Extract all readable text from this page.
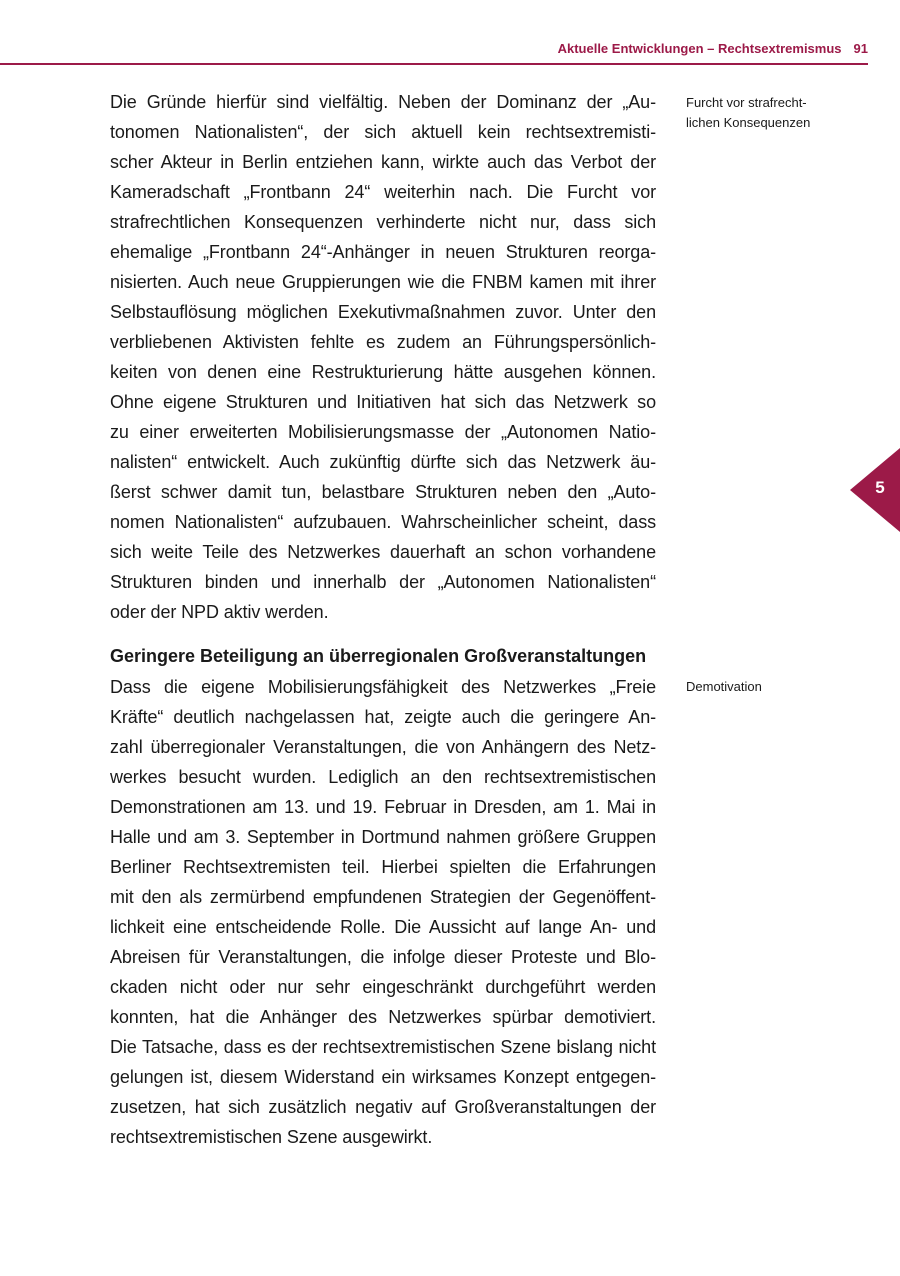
Aktuelle Entwicklungen – Rechtsextremismus 91
5
Furcht vor strafrecht-
lichen Konsequenzen
Demotivation
Die Gründe hierfür sind vielfältig. Neben der Dominanz der „Au-
tonomen Nationalisten“, der sich aktuell kein rechtsextremisti-
scher Akteur in Berlin entziehen kann, wirkte auch das Verbot der
Kameradschaft „Frontbann 24“ weiterhin nach. Die Furcht vor
strafrechtlichen Konsequenzen verhinderte nicht nur, dass sich
ehemalige „Frontbann 24“-Anhänger in neuen Strukturen reorga-
nisierten. Auch neue Gruppierungen wie die FNBM kamen mit ihrer
Selbstauflösung möglichen Exekutivmaßnahmen zuvor. Unter den
verbliebenen Aktivisten fehlte es zudem an Führungspersönlich-
keiten von denen eine Restrukturierung hätte ausgehen können.
Ohne eigene Strukturen und Initiativen hat sich das Netzwerk so
zu einer erweiterten Mobilisierungsmasse der „Autonomen Natio-
nalisten“ entwickelt. Auch zukünftig dürfte sich das Netzwerk äu-
ßerst schwer damit tun, belastbare Strukturen neben den „Auto-
nomen Nationalisten“ aufzubauen. Wahrscheinlicher scheint, dass
sich weite Teile des Netzwerkes dauerhaft an schon vorhandene
Strukturen binden und innerhalb der „Autonomen Nationalisten“
oder der NPD aktiv werden.
Geringere Beteiligung an überregionalen Großveranstaltungen
Dass die eigene Mobilisierungsfähigkeit des Netzwerkes „Freie
Kräfte“ deutlich nachgelassen hat, zeigte auch die geringere An-
zahl überregionaler Veranstaltungen, die von Anhängern des Netz-
werkes besucht wurden. Lediglich an den rechtsextremistischen
Demonstrationen am 13. und 19. Februar in Dresden, am 1. Mai in
Halle und am 3. September in Dortmund nahmen größere Gruppen
Berliner Rechtsextremisten teil. Hierbei spielten die Erfahrungen
mit den als zermürbend empfundenen Strategien der Gegenöffent-
lichkeit eine entscheidende Rolle. Die Aussicht auf lange An- und
Abreisen für Veranstaltungen, die infolge dieser Proteste und Blo-
ckaden nicht oder nur sehr eingeschränkt durchgeführt werden
konnten, hat die Anhänger des Netzwerkes spürbar demotiviert.
Die Tatsache, dass es der rechtsextremistischen Szene bislang nicht
gelungen ist, diesem Widerstand ein wirksames Konzept entgegen-
zusetzen, hat sich zusätzlich negativ auf Großveranstaltungen der
rechtsextremistischen Szene ausgewirkt.
